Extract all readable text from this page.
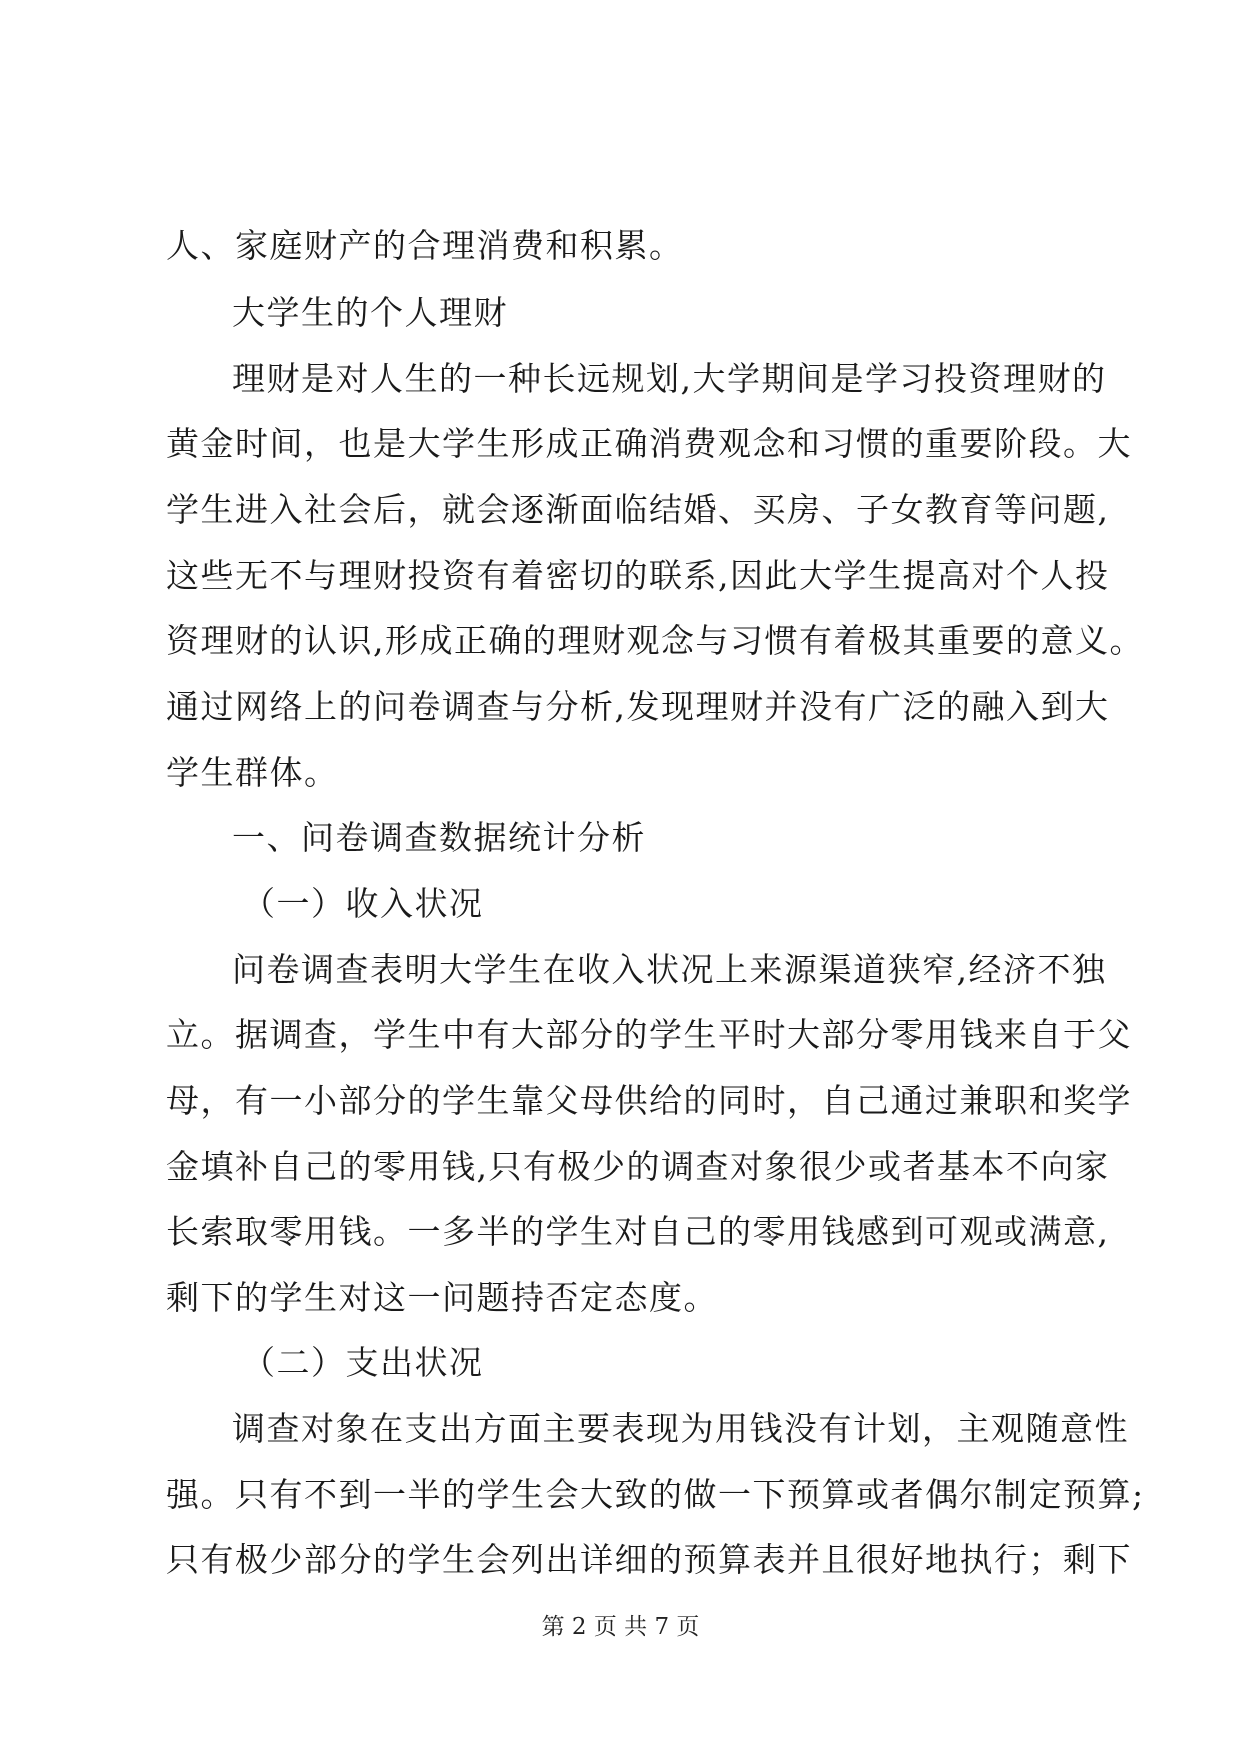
人、家庭财产的合理消费和积累。
大学生的个人理财
理财是对人生的一种长远规划,大学期间是学习投资理财的
黄金时间，也是大学生形成正确消费观念和习惯的重要阶段。大
学生进入社会后，就会逐渐面临结婚、买房、子女教育等问题,
这些无不与理财投资有着密切的联系,因此大学生提高对个人投
资理财的认识,形成正确的理财观念与习惯有着极其重要的意义。
通过网络上的问卷调查与分析,发现理财并没有广泛的融入到大
学生群体。
一、问卷调查数据统计分析
（一）收入状况
问卷调查表明大学生在收入状况上来源渠道狭窄,经济不独
立。据调查，学生中有大部分的学生平时大部分零用钱来自于父
母，有一小部分的学生靠父母供给的同时，自己通过兼职和奖学
金填补自己的零用钱,只有极少的调查对象很少或者基本不向家
长索取零用钱。一多半的学生对自己的零用钱感到可观或满意,
剩下的学生对这一问题持否定态度。
（二）支出状况
调查对象在支出方面主要表现为用钱没有计划，主观随意性
强。只有不到一半的学生会大致的做一下预算或者偶尔制定预算;
只有极少部分的学生会列出详细的预算表并且很好地执行；剩下
第 2 页 共 7 页
